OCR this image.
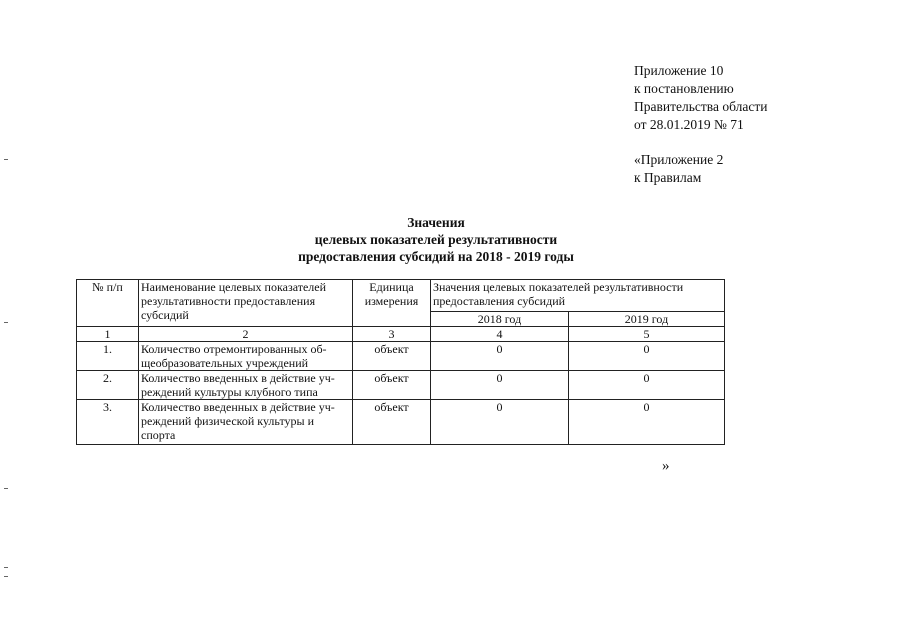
Приложение 10
к постановлению
Правительства области
от 28.01.2019 № 71
«Приложение 2
к Правилам
Значения
целевых показателей результативности
предоставления субсидий на 2018 - 2019 годы
№ п/п	Наименование целевых показателей результативности предоставления субсидий	Единица измерения	Значения целевых показателей результативности предоставления субсидий	
			2018 год	2019 год
1	2	3	4	5
1.	Количество отремонтированных об-щеобразовательных учреждений	объект	0	0
2.	Количество введенных в действие уч-реждений культуры клубного типа	объект	0	0
3.	Количество введенных в действие уч-реждений физической культуры и спорта	объект	0	0
»
